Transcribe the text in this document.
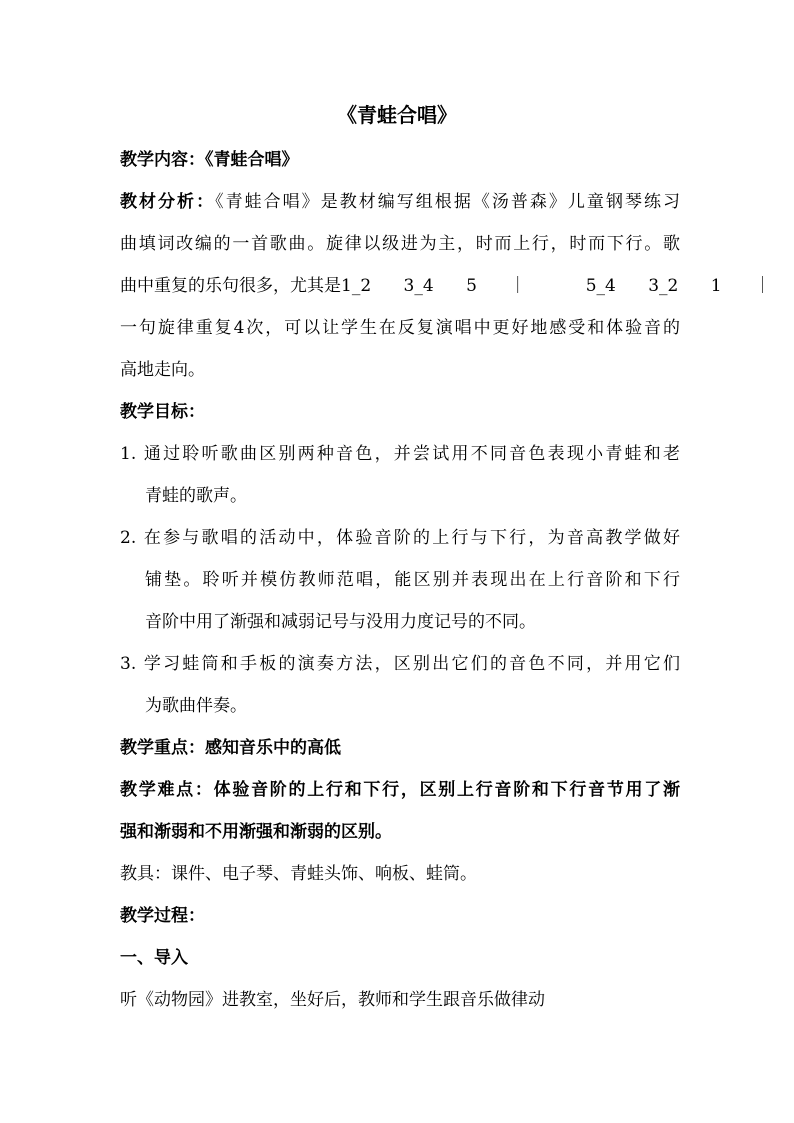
《青蛙合唱》
教学内容：《青蛙合唱》
教材分析：《青蛙合唱》是教材编写组根据《汤普森》儿童钢琴练习
曲填词改编的一首歌曲。旋律以级进为主，时而上行，时而下行。歌
曲中重复的乐句很多，尤其是1_2 3_4 5 ｜ 5_4 3_2 1 ｜
一句旋律重复4次，可以让学生在反复演唱中更好地感受和体验音的
高地走向。
教学目标：
1. 通过聆听歌曲区别两种音色，并尝试用不同音色表现小青蛙和老
青蛙的歌声。
2. 在参与歌唱的活动中，体验音阶的上行与下行，为音高教学做好
铺垫。聆听并模仿教师范唱，能区别并表现出在上行音阶和下行
音阶中用了渐强和减弱记号与没用力度记号的不同。
3. 学习蛙筒和手板的演奏方法，区别出它们的音色不同，并用它们
为歌曲伴奏。
教学重点：感知音乐中的高低
教学难点：体验音阶的上行和下行，区别上行音阶和下行音节用了渐
强和渐弱和不用渐强和渐弱的区别。
教具：课件、电子琴、青蛙头饰、响板、蛙筒。
教学过程：
一、导入
听《动物园》进教室，坐好后，教师和学生跟音乐做律动
